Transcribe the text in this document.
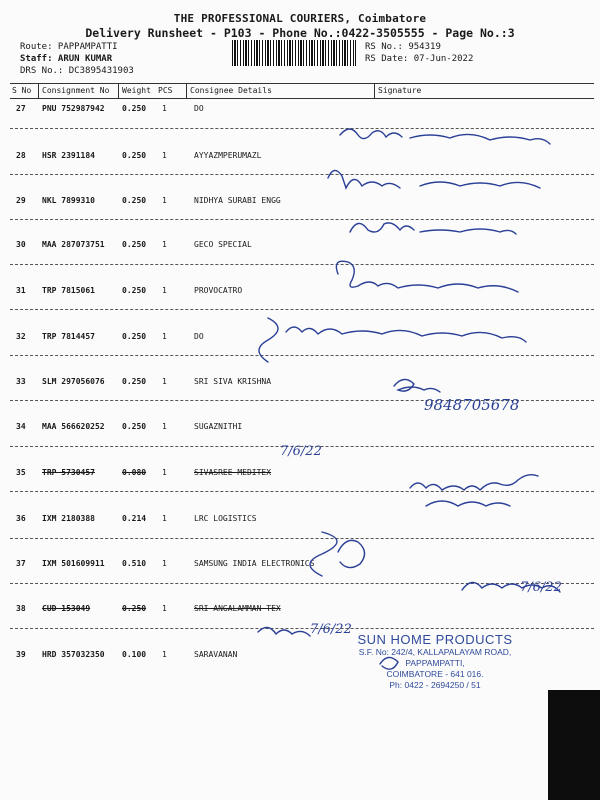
THE PROFESSIONAL COURIERS, Coimbatore
Delivery Runsheet - P103 - Phone No.:0422-3505555 - Page No.:3
Route: PAPPAMPATTI
Staff: ARUN KUMAR
DRS No.: DC3895431903
RS No.: 954319
RS Date: 07-Jun-2022
S No Consignment No Weight PCS Consignee Details	Signature
27 PNU 752987942 0.250 1	DO
28 HSR 2391184	0.250 1	AYYAZMPERUMAZL
29 NKL 7899310	0.250 1	NIDHYA SURABI ENGG
30 MAA 287073751 0.250 1	GECO SPECIAL
31 TRP 7815061	0.250 1	PROVOCATRO
32 TRP 7814457	0.250 1	DO
33 SLM 297056076 0.250 1	SRI SIVA KRISHNA
34 MAA 566620252 0.250 1	SUGAZNITHI
35 TRP 5730457	0.080 1	SIVASREE MEDITEX
36 IXM 2180388	0.214 1	LRC LOGISTICS
37 IXM 501609911 0.510 1	SAMSUNG INDIA ELECTRONICS
38 CUD 153049	0.250 1	SRI ANGALAMMAN TEX
39 HRD 357032350 0.100 1	SARAVANAN
9848705678
7/6/22
7/6/22
7/6/22
SUN HOME PRODUCTS
S.F. No: 242/4, KALLAPALAYAM ROAD,
PAPPAMPATTI,
COIMBATORE - 641 016.
Ph: 0422 - 2694250 / 51
